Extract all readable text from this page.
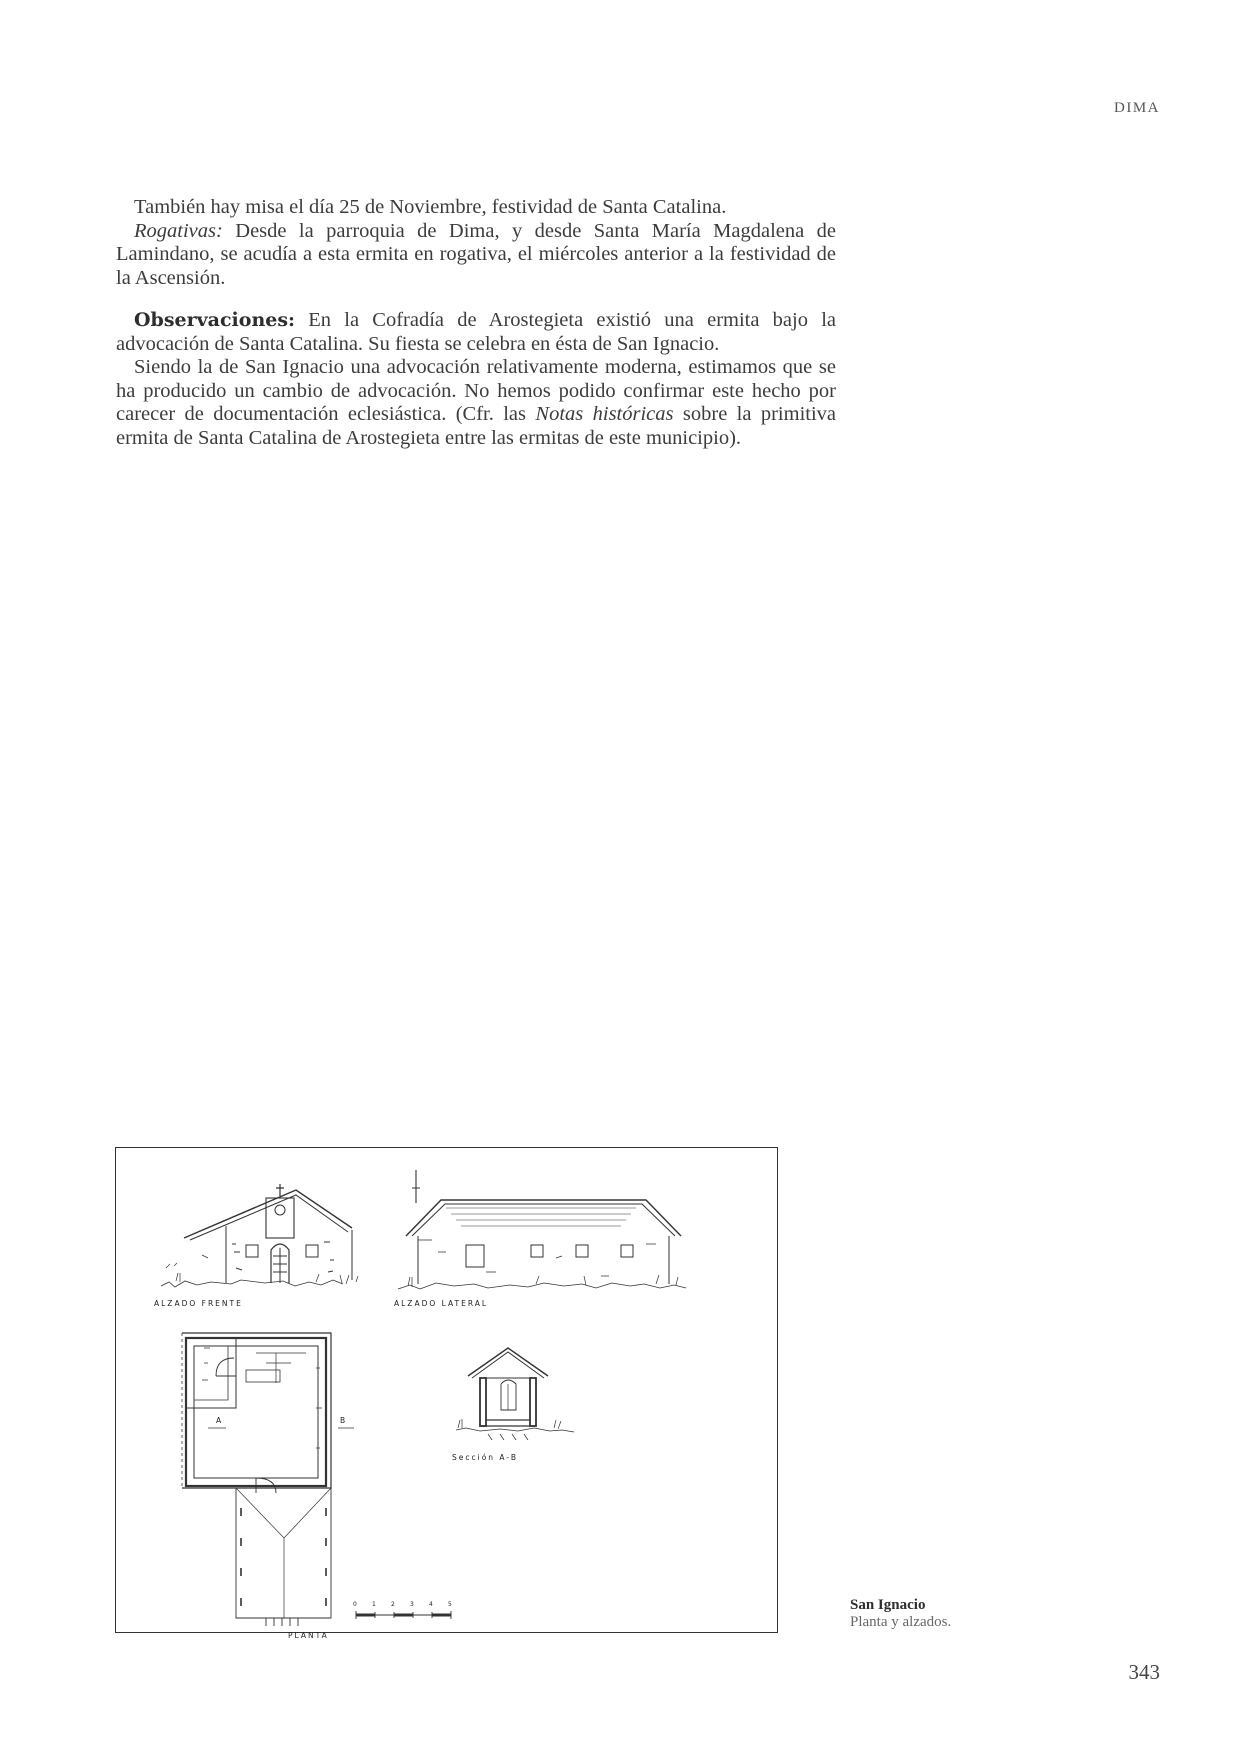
DIMA

También hay misa el día 25 de Noviembre, festividad de Santa Catalina.

Rogativas: Desde la parroquia de Dima, y desde Santa María Magdalena de Lamindano, se acudía a esta ermita en rogativa, el miércoles anterior a la festividad de la Ascensión.

Observaciones: En la Cofradía de Arostegieta existió una ermita bajo la advocación de Santa Catalina. Su fiesta se celebra en ésta de San Ignacio.

Siendo la de San Ignacio una advocación relativamente moderna, estimamos que se ha producido un cambio de advocación. No hemos podido confirmar este hecho por carecer de documentación eclesiástica. (Cfr. las Notas históricas sobre la primitiva ermita de Santa Catalina de Arostegieta entre las ermitas de este municipio).

ALZADO FRENTE	ALZADO LATERAL
A	B
PLANTA
0	1	2	3	4	5
Sección A-B
San Ignacio
Planta y alzados.
343
